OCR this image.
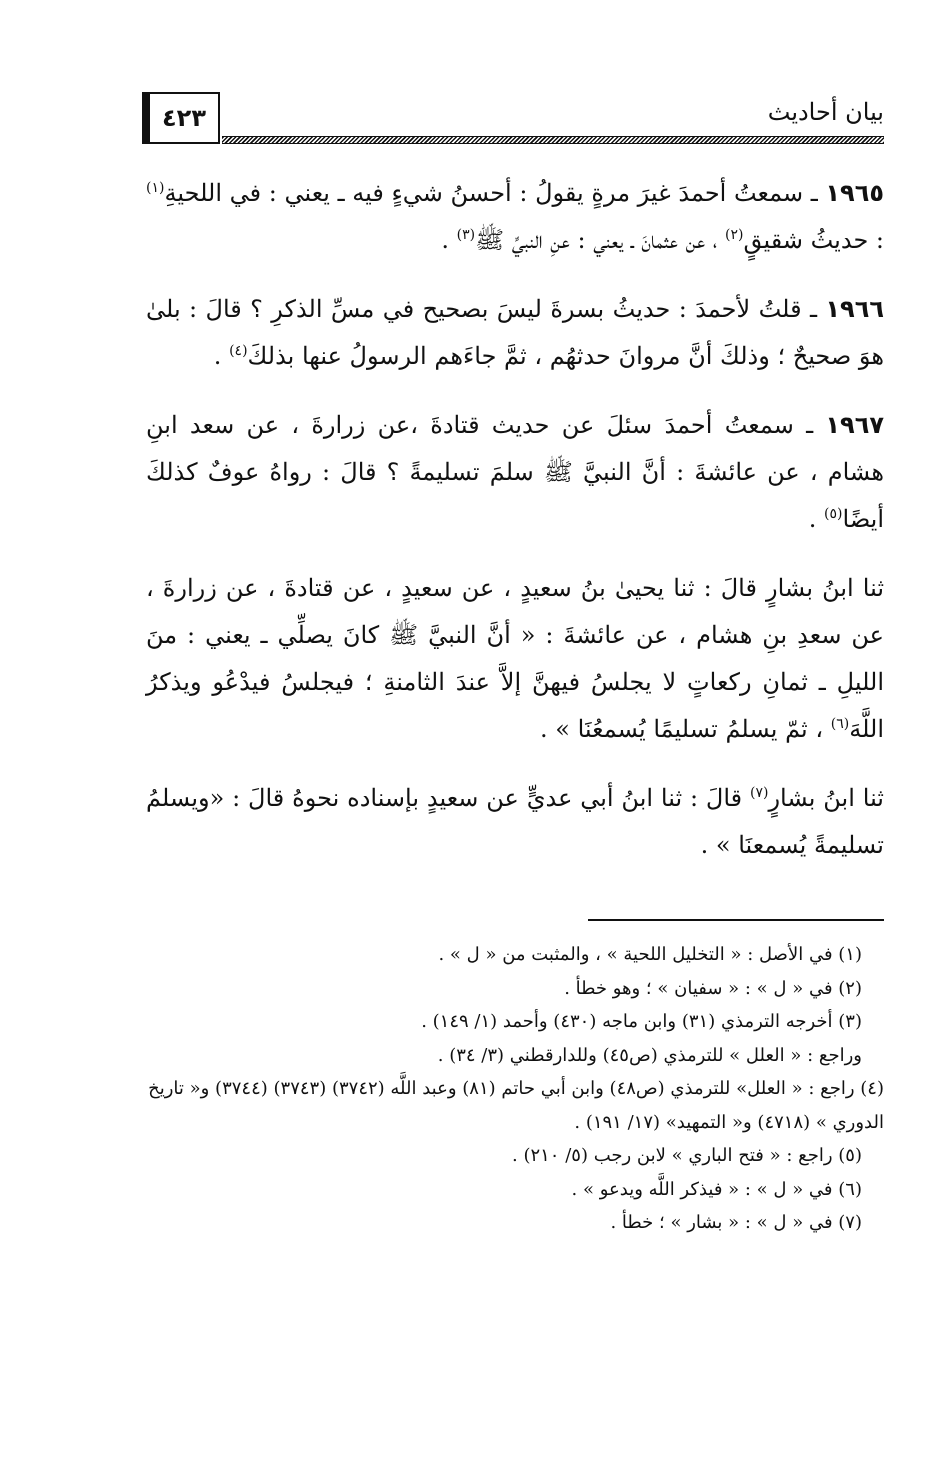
٤٢٣	بيان أحاديث

١٩٦٥ ـ سمعتُ أحمدَ غيرَ مرةٍ يقولُ : أحسنُ شيءٍ فيه ـ يعني : في اللحيةِ$^{(١)}$ : حديثُ شقيقٍ$^{(٢)}$ ، عن عثمانَ ـ يعني : عنِ النبيِّ ﷺ$^{(٣)}$ .

١٩٦٦ ـ قلتُ لأحمدَ : حديثُ بسرةَ ليسَ بصحيح في مسِّ الذكرِ ؟ قالَ : بلىٰ هوَ صحيحٌ ؛ وذلكَ أنَّ مروانَ حدثهُم ، ثمَّ جاءَهم الرسولُ عنها بذلكَ$^{(٤)}$ .

١٩٦٧ ـ سمعتُ أحمدَ سئلَ عن حديث قتادةَ ،عن زرارةَ ، عن سعد ابنِ هشام ، عن عائشةَ : أنَّ النبيَّ ﷺ سلمَ تسليمةً ؟ قالَ : رواهُ عوفٌ كذلكَ أيضًا$^{(٥)}$ .

ثنا ابنُ بشارٍ قالَ : ثنا يحيىٰ بنُ سعيدٍ ، عن سعيدٍ ، عن قتادةَ ، عن زرارةَ ، عن سعدِ بنِ هشام ، عن عائشةَ : « أنَّ النبيَّ ﷺ كانَ يصلِّي ـ يعني : منَ الليلِ ـ ثمانِ ركعاتٍ لا يجلسُ فيهنَّ إلاَّ عندَ الثامنةِ ؛ فيجلسُ فيدْعُو ويذكرُ اللَّهَ$^{(٦)}$ ، ثمّ يسلمُ تسليمًا يُسمعُنَا » .

ثنا ابنُ بشارٍ$^{(٧)}$ قالَ : ثنا ابنُ أبي عديٍّ عن سعيدٍ بإسناده نحوهُ قالَ : «ويسلمُ تسليمةً يُسمعنَا » .

(١) في الأصل : « التخليل اللحية » ، والمثبت من « ل » .

(٢) في « ل » : « سفيان » ؛ وهو خطأ .

(٣) أخرجه الترمذي (٣١) وابن ماجه (٤٣٠) وأحمد (١/ ١٤٩) .

وراجع : « العلل » للترمذي (ص٤٥) وللدارقطني (٣/ ٣٤) .

(٤) راجع : « العلل» للترمذي (ص٤٨) وابن أبي حاتم (٨١) وعبد اللَّه (٣٧٤٢) (٣٧٤٣) (٣٧٤٤) و« تاريخ الدوري » (٤٧١٨) و« التمهيد» (١٧/ ١٩١) .

(٥) راجع : « فتح الباري » لابن رجب (٥/ ٢١٠) .

(٦) في « ل » : « فيذكر اللَّه ويدعو » .

(٧) في « ل » : « بشار » ؛ خطأ .
